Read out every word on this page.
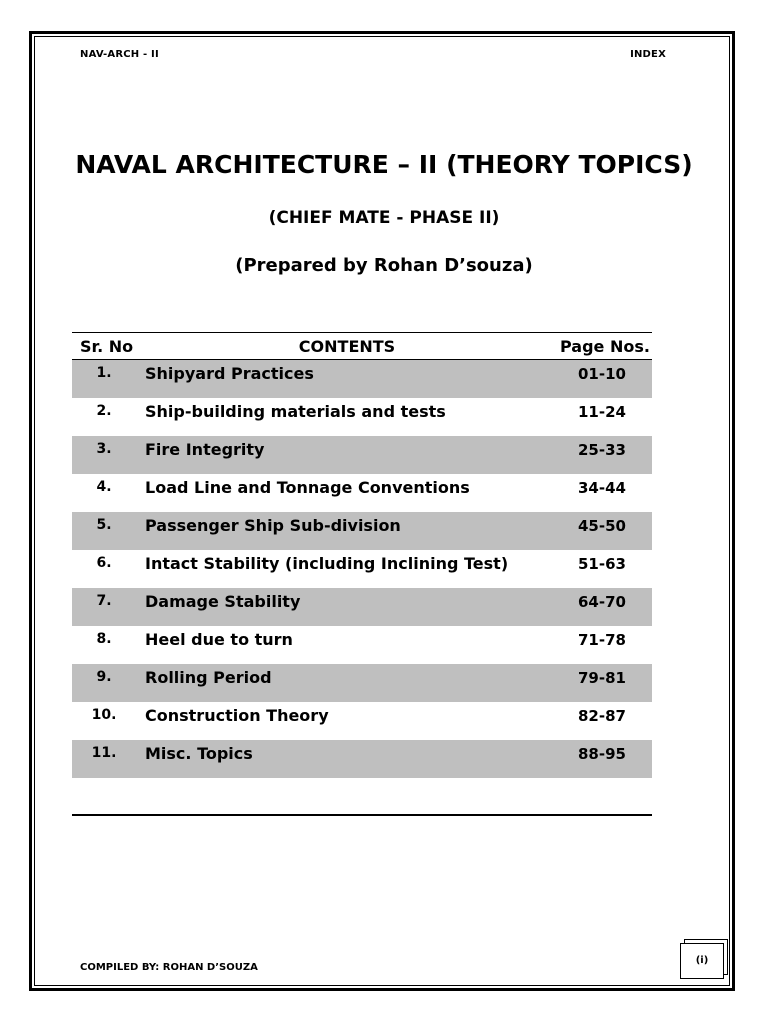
NAV-ARCH - II	INDEX
NAVAL ARCHITECTURE – II (THEORY TOPICS)
(CHIEF MATE - PHASE II)
(Prepared by Rohan D’souza)
Sr. No	CONTENTS	Page Nos.
1.	Shipyard Practices	01-10
2.	Ship-building materials and tests	11-24
3.	Fire Integrity	25-33
4.	Load Line and Tonnage Conventions	34-44
5.	Passenger Ship Sub-division	45-50
6.	Intact Stability (including Inclining Test)	51-63
7.	Damage Stability	64-70
8.	Heel due to turn	71-78
9.	Rolling Period	79-81
10.	Construction Theory	82-87
11.	Misc. Topics	88-95
COMPILED BY: ROHAN D’SOUZA
(i)
